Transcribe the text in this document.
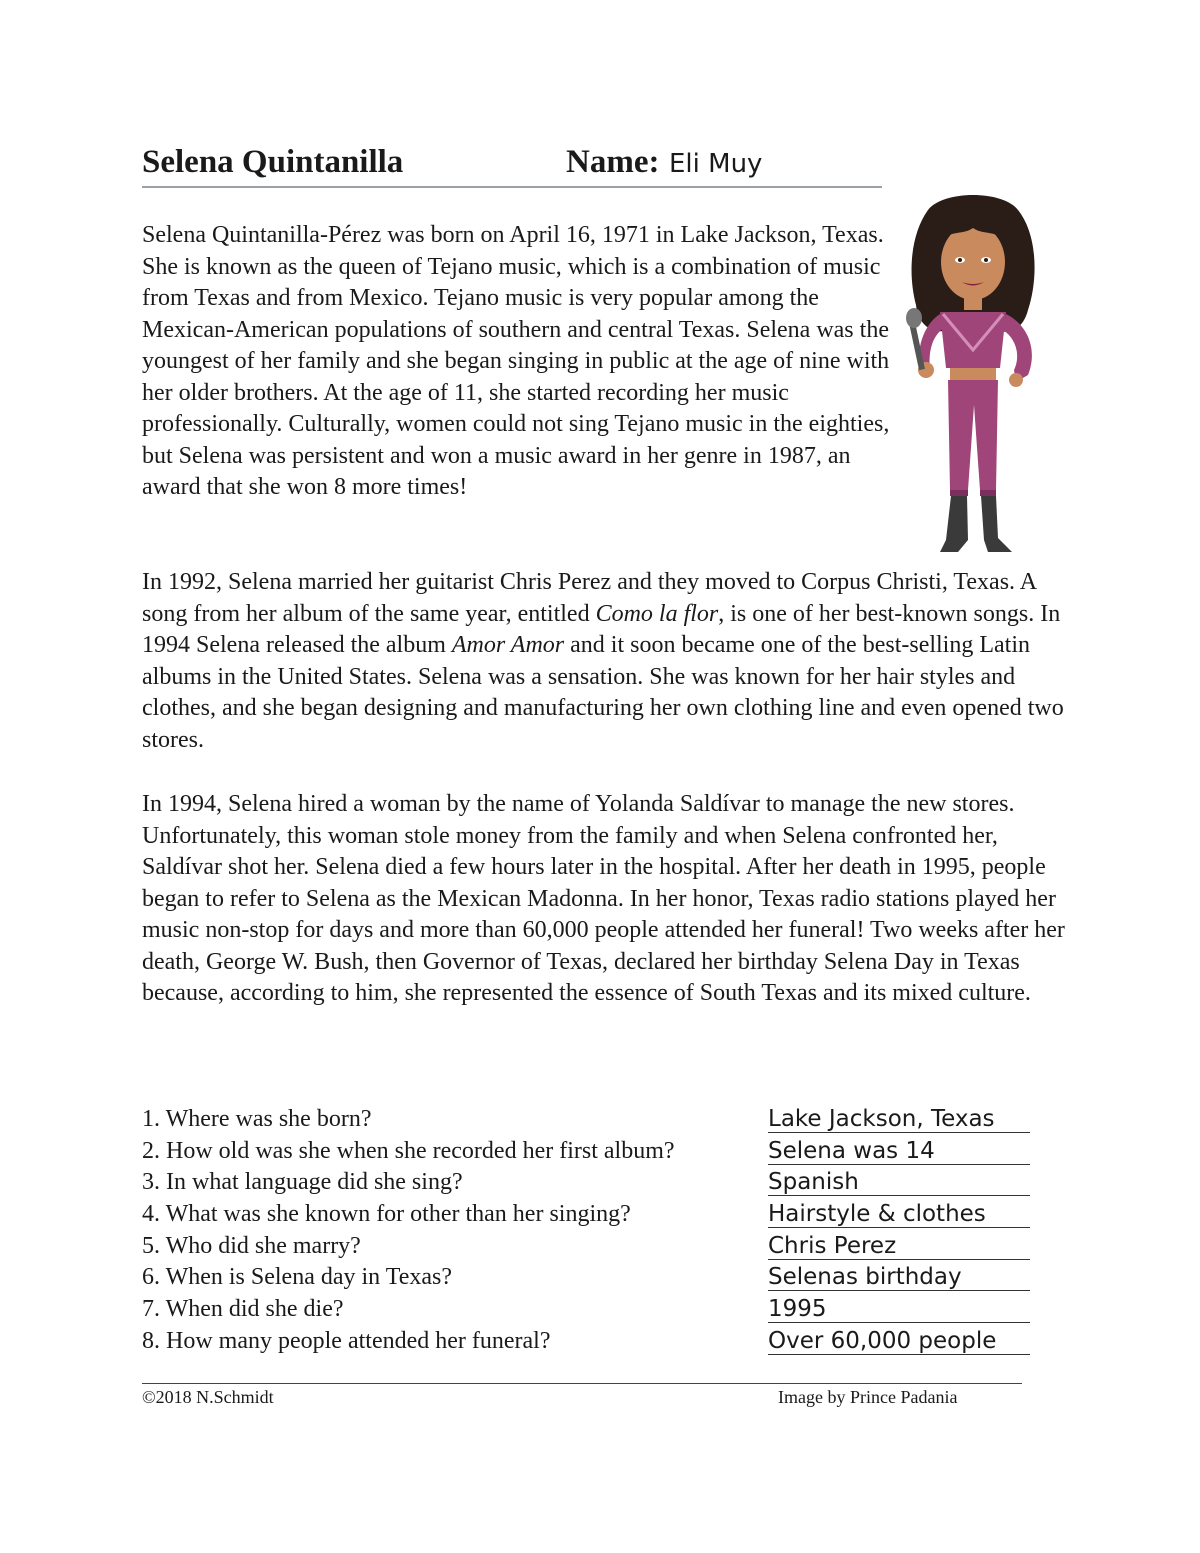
Selena Quintanilla	Name: Eli Muy

Selena Quintanilla-Pérez was born on April 16, 1971 in Lake Jackson, Texas. She is known as the queen of Tejano music, which is a combination of music from Texas and from Mexico. Tejano music is very popular among the Mexican-American populations of southern and central Texas. Selena was the youngest of her family and she began singing in public at the age of nine with her older brothers. At the age of 11, she started recording her music professionally. Culturally, women could not sing Tejano music in the eighties, but Selena was persistent and won a music award in her genre in 1987, an award that she won 8 more times!

In 1992, Selena married her guitarist Chris Perez and they moved to Corpus Christi, Texas. A song from her album of the same year, entitled Como la flor, is one of her best-known songs. In 1994 Selena released the album Amor Amor and it soon became one of the best-selling Latin albums in the United States. Selena was a sensation. She was known for her hair styles and clothes, and she began designing and manufacturing her own clothing line and even opened two stores.

In 1994, Selena hired a woman by the name of Yolanda Saldívar to manage the new stores. Unfortunately, this woman stole money from the family and when Selena confronted her, Saldívar shot her. Selena died a few hours later in the hospital. After her death in 1995, people began to refer to Selena as the Mexican Madonna. In her honor, Texas radio stations played her music non-stop for days and more than 60,000 people attended her funeral! Two weeks after her death, George W. Bush, then Governor of Texas, declared her birthday Selena Day in Texas because, according to him, she represented the essence of South Texas and its mixed culture.

1. Where was she born?	Lake Jackson, Texas
2. How old was she when she recorded her first album?	Selena was 14
3. In what language did she sing?	Spanish
4. What was she known for other than her singing?	Hairstyle & clothes
5. Who did she marry?	Chris Perez
6. When is Selena day in Texas?	Selenas birthday
7. When did she die?	1995
8. How many people attended her funeral?	Over 60,000 people
©2018 N.Schmidt	Image by Prince Padania
